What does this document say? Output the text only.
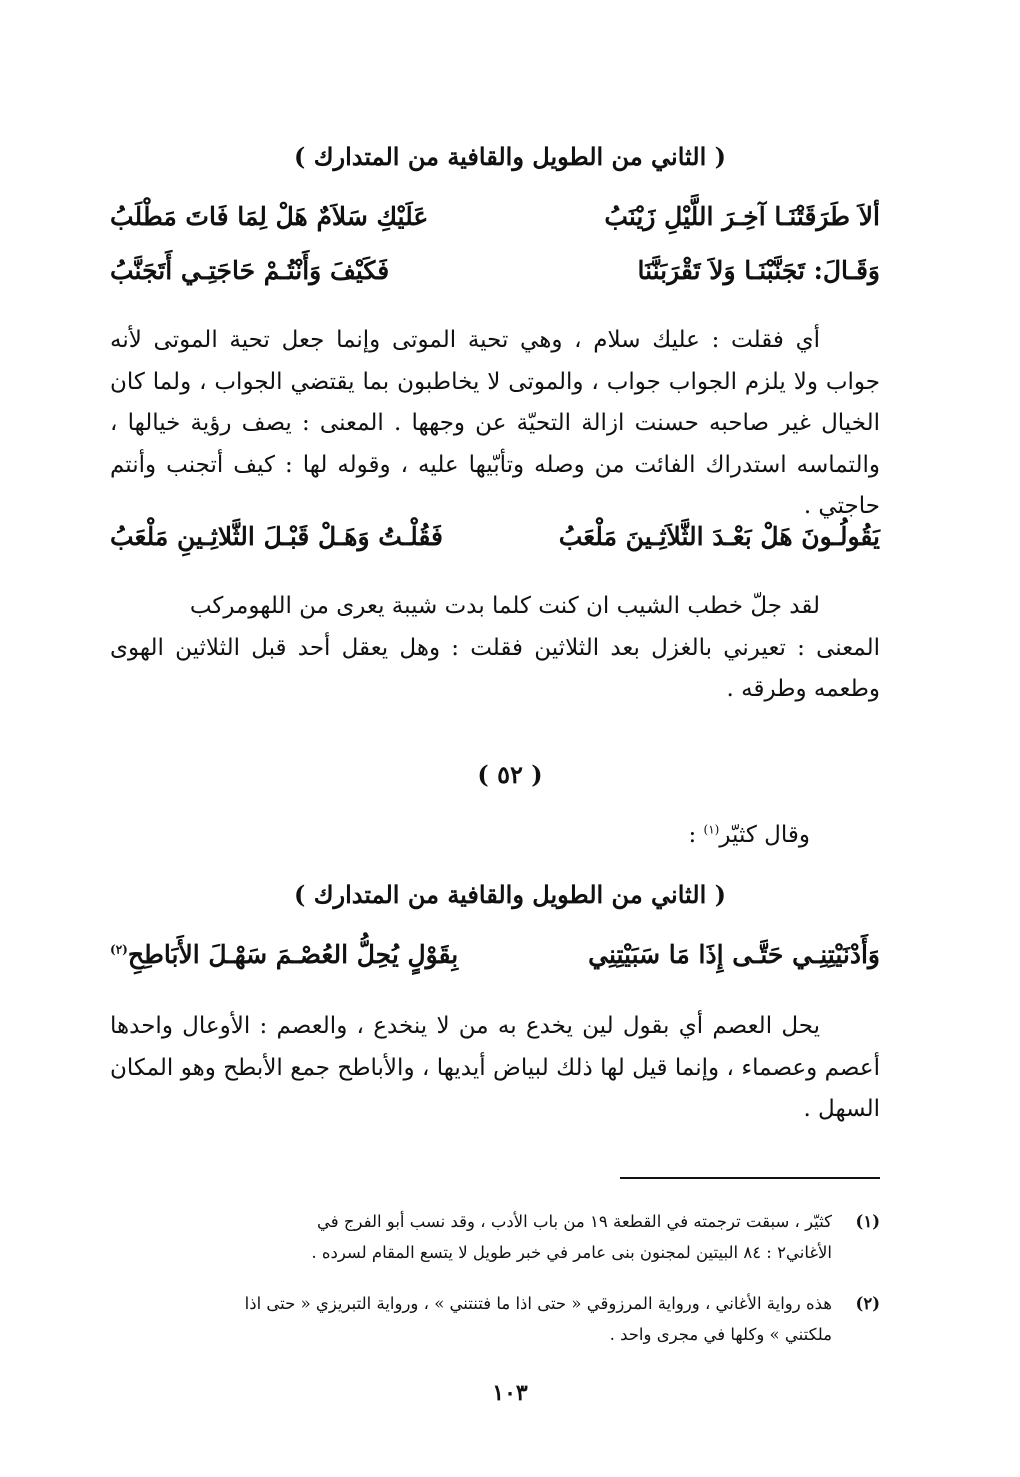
( الثاني من الطويل والقافية من المتدارك )
ألاَ طَرَقَتْنَـا آخِـرَ اللَّيْلِ زَيْنَبُ
عَلَيْكِ سَلاَمٌ هَلْ لِمَا فَاتَ مَطْلَبُ
وَقَـالَ: تَجَنَّبْنَـا وَلاَ تَقْرَبَنَّنَا
فَكَيْفَ وَأَنْتُـمْ حَاجَتِـي أَتَجَنَّبُ

أي فقلت : عليك سلام ، وهي تحية الموتى وإنما جعل تحية الموتى لأنه جواب ولا يلزم الجواب جواب ، والموتى لا يخاطبون بما يقتضي الجواب ، ولما كان الخيال غير صاحبه حسنت ازالة التحيّة عن وجهها . المعنى : يصف رؤية خيالها ، والتماسه استدراك الفائت من وصله وتأبّيها عليه ، وقوله لها : كيف أتجنب وأنتم حاجتي .

يَقُولُـونَ هَلْ بَعْـدَ الثَّلاَثِـينَ مَلْعَبُ
فَقُلْـتُ وَهَـلْ قَبْـلَ الثَّلاثِـينِ مَلْعَبُ

لقد جلّ خطب الشيب ان كنت كلما بدت شيبة يعرى من اللهومركب

المعنى : تعيرني بالغزل بعد الثلاثين فقلت : وهل يعقل أحد قبل الثلاثين الهوى وطعمه وطرقه .

( ٥٢ )
وقال كثيّر$^{(١)}$ :
( الثاني من الطويل والقافية من المتدارك )
وَأَدْنَيْتِنِـي حَتَّـى إِذَا مَا سَبَيْتِنِي
بِقَوْلٍ يُحِلُّ العُصْـمَ سَهْـلَ الأَبَاطِحِ$^{(٢)}$

يحل العصم أي بقول لين يخدع به من لا ينخدع ، والعصم : الأوعال واحدها أعصم وعصماء ، وإنما قيل لها ذلك لبياض أيديها ، والأباطح جمع الأبطح وهو المكان السهل .

(١)كثيّر ، سبقت ترجمته في القطعة ١٩ من باب الأدب ، وقد نسب أبو الفرج في
الأغاني٢ : ٨٤ البيتين لمجنون بنى عامر في خبر طويل لا يتسع المقام لسرده .
(٢)هذه رواية الأغاني ، ورواية المرزوقي « حتى اذا ما فتنتني » ، ورواية التبريزي « حتى اذا
ملكتني » وكلها في مجرى واحد .
١٠٣
